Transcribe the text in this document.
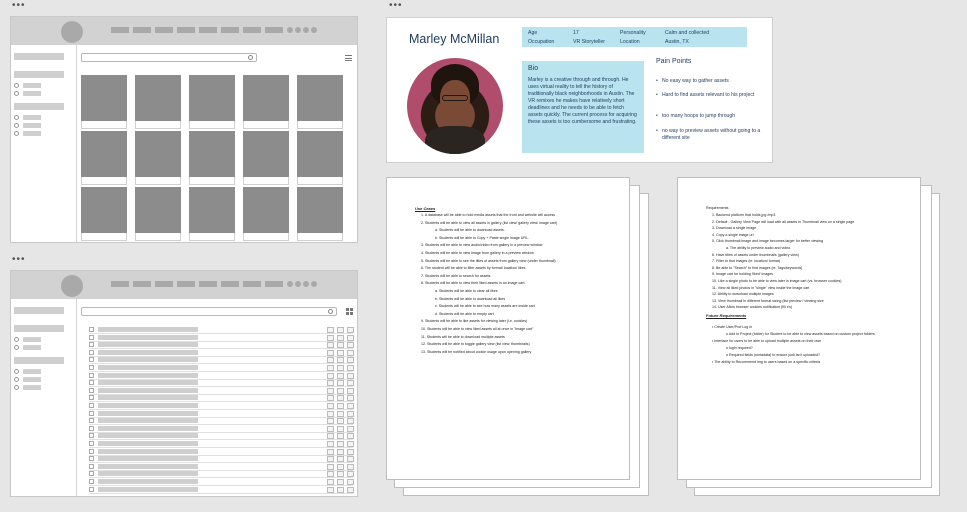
•••
•••
•••
Marley McMillan	Age	17	Personality	Calm and collected
Occupation	VR Storyteller	Location	Austin, TX
Bio
Marley is a creative through and through. He uses virtual reality to tell the history of traditionally black neighborhoods in Austin. The VR remixes he makes have relatively short deadlines and he needs to be able to fetch assets quickly. The current process for acquiring these assets is too cumbersome and frustrating.
Pain Points
• No easy way to gather assets
• Hard to find assets relevant to his project
• too many hoops to jump through
• no way to preview assets without going to a different site
Use Cases
1. A database will be able to hold media assets that the front and website will access
2. Students will be able to view all assets in gallery (list view/ gallery view/ image cart)
a. Students will be able to download assets.
b. Students will be able to Copy + Paste single image URL.
3. Students will be able to view audio/video from gallery in a preview window
4. Students will be able to view image from gallery in a preview window
5. Students will be able to see the titles of assets from gallery view (under thumbnail)
6. The student will be able to filter assets by format/ location/ likes
7. Students will be able to search for assets.
8. Students will be able to view their liked assets in an image cart.
a. Students will be able to clear all likes
b. Students will be able to download all likes
c. Students will be able to see how many assets are inside cart
d. Students will be able to empty cart
9. Students will be able to like assets for viewing later (i.e. cookies)
10. Students will be able to view liked assets all at once in "image cart"
11. Students will be able to download multiple assets
12. Students will be able to toggle gallery view (list view, thumbnails)
13. Students will be notified about cookie usage upon opening gallery
Requirements
1. Backend platform that holds jpg /mp3
2. Default - Gallery View Page will load with all assets in Thumbnail view on a single page
3. Download a single image
4. Copy a single image url
5. Click thumbnail image and image becomes larger for better viewing
a. The ability to preview audio and video.
6. Have titles of assets under thumbnails (gallery view)
7. Filter to find images (ie. location/ format)
8. Be able to "Search" to find images (ie. Tags/keywords)
9. Image cart for holding 'liked' images
10. Like a single photo to be able to view later in image cart (vs. browser cookies)
11. View all liked photos in "single" view inside the image cart
12. Ability to download multiple images
13. View thumbnail in different format sizing (list preview / viewing size
14. User Allow browser cookies notification (fill x's)
Future Requirements
• Create User/Prof Log in
o Add to Project (folder) for Student to be able to view assets based on custom project folders
• Interface for users to be able to upload multiple assets on their own
o login required?
o Required fields (metadata) to ensure junk isn't uploaded?
• The ability to Recommend img to users based on a specific criteria
